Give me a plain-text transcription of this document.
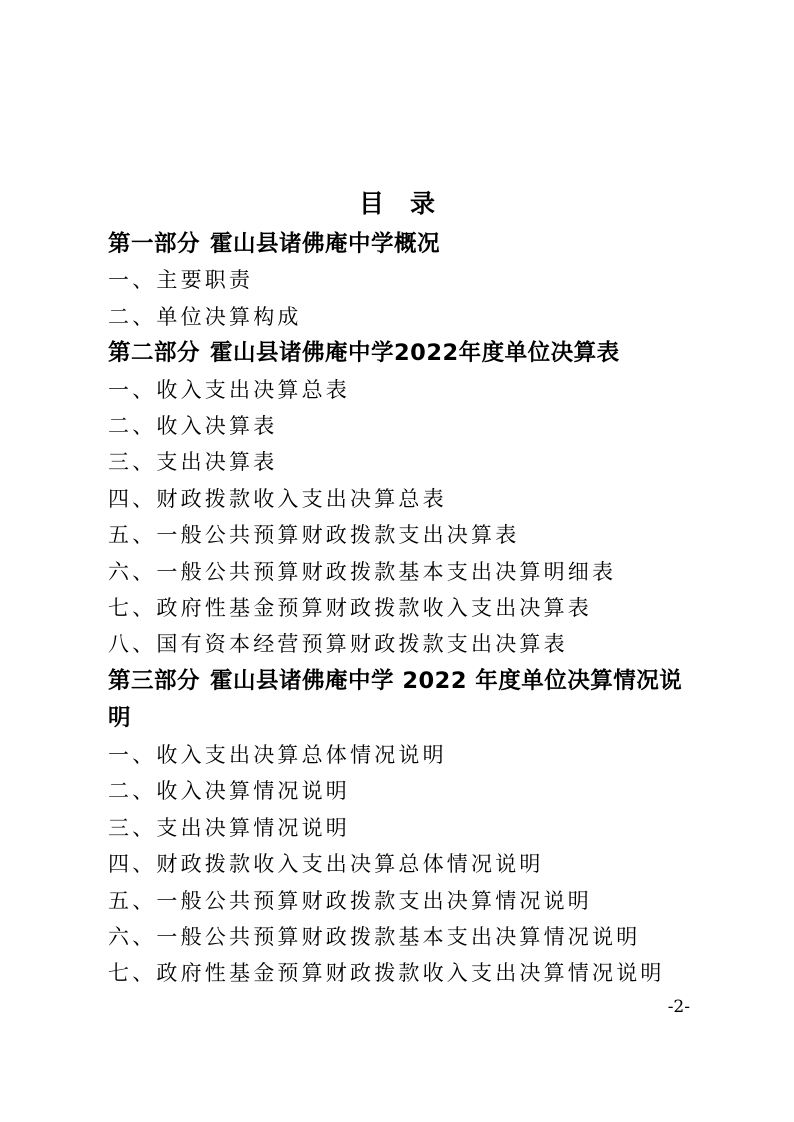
目 录
第一部分 霍山县诸佛庵中学概况
一、主要职责
二、单位决算构成
第二部分 霍山县诸佛庵中学2022年度单位决算表
一、收入支出决算总表
二、收入决算表
三、支出决算表
四、财政拨款收入支出决算总表
五、一般公共预算财政拨款支出决算表
六、一般公共预算财政拨款基本支出决算明细表
七、政府性基金预算财政拨款收入支出决算表
八、国有资本经营预算财政拨款支出决算表
第三部分 霍山县诸佛庵中学 2022 年度单位决算情况说明
一、收入支出决算总体情况说明
二、收入决算情况说明
三、支出决算情况说明
四、财政拨款收入支出决算总体情况说明
五、一般公共预算财政拨款支出决算情况说明
六、一般公共预算财政拨款基本支出决算情况说明
七、政府性基金预算财政拨款收入支出决算情况说明
-2-
